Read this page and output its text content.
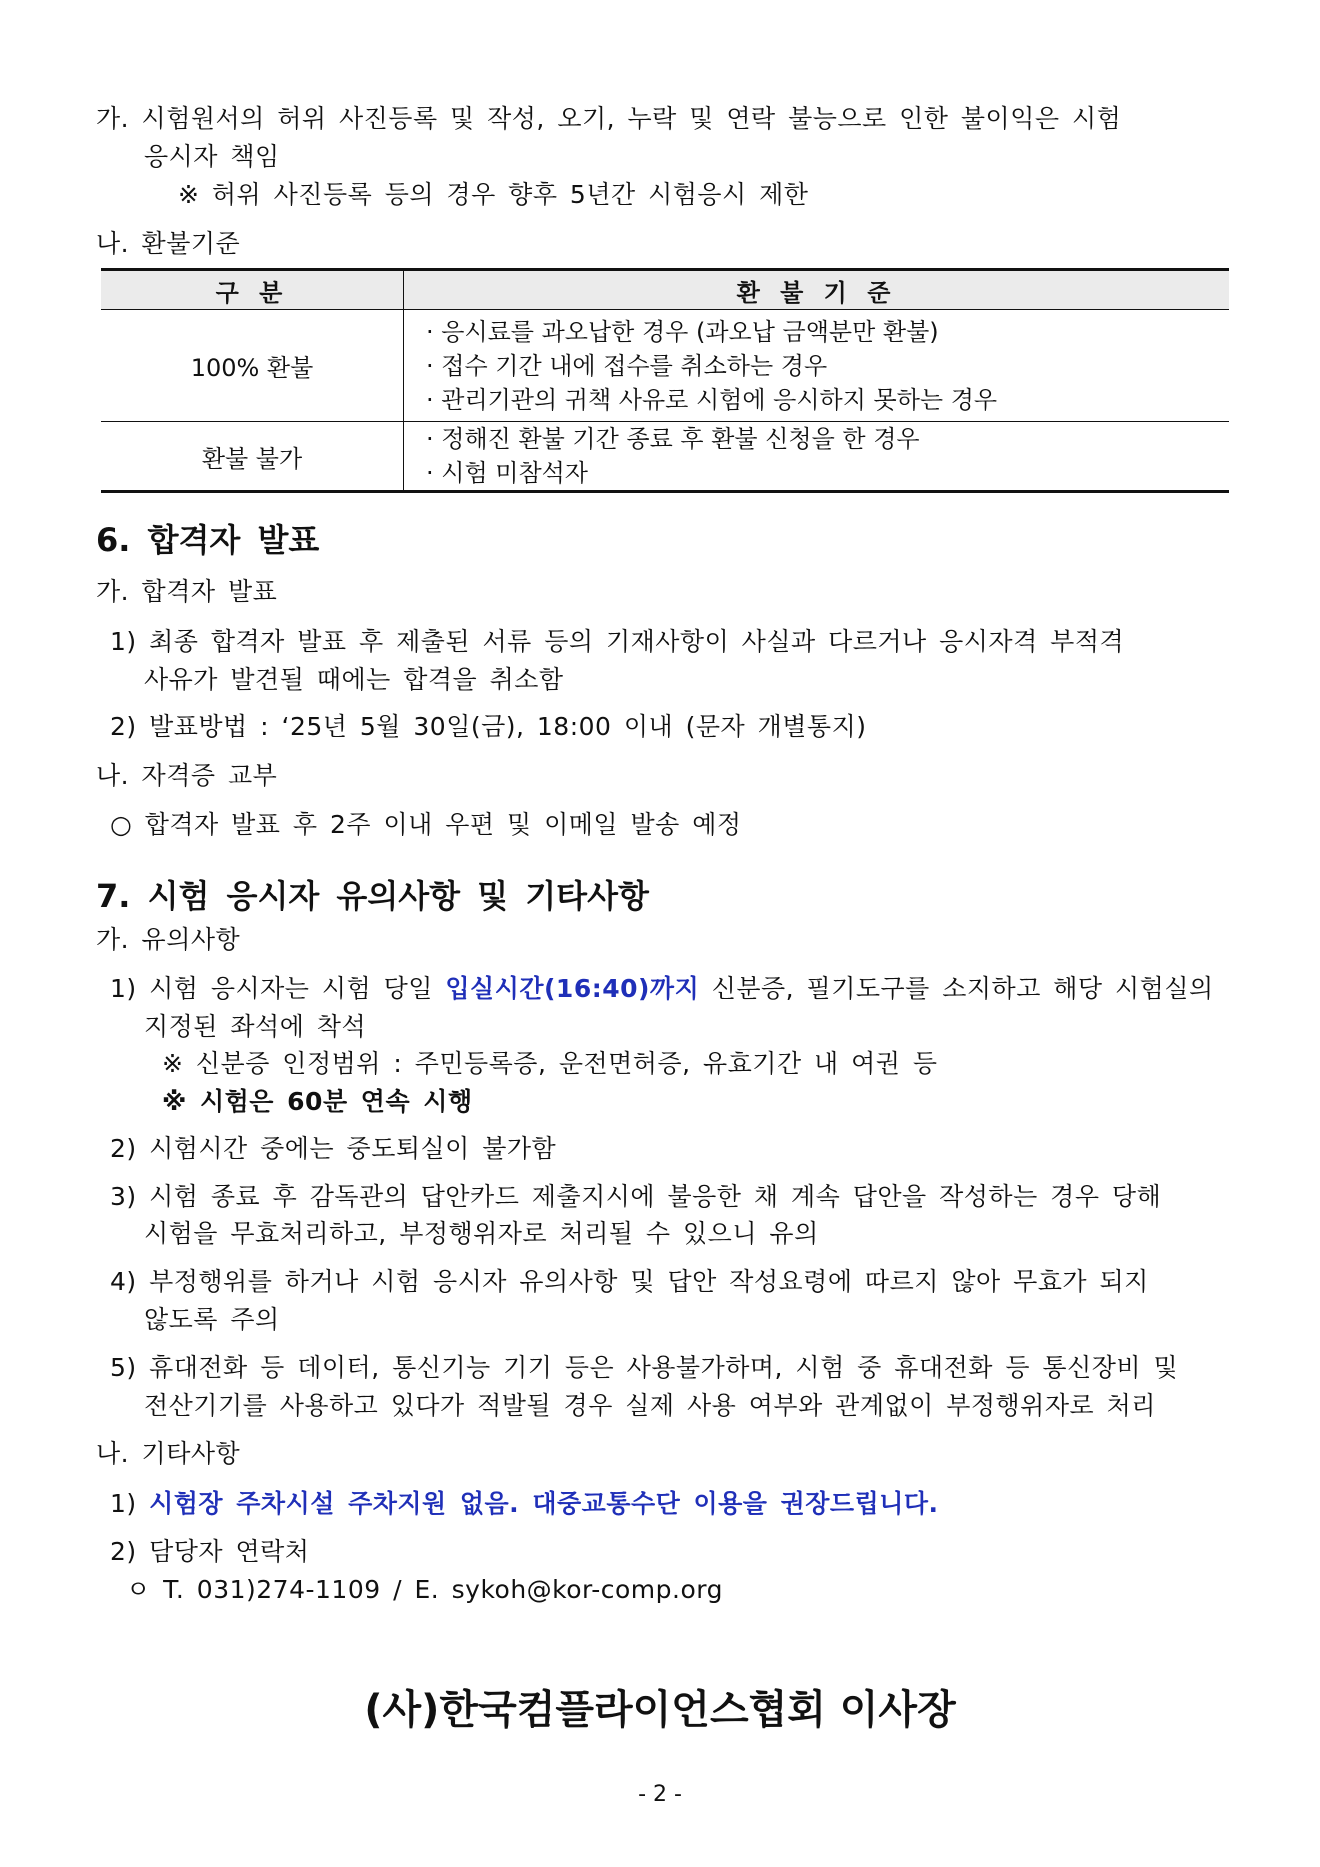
가. 시험원서의 허위 사진등록 및 작성, 오기, 누락 및 연락 불능으로 인한 불이익은 시험
응시자 책임
※ 허위 사진등록 등의 경우 향후 5년간 시험응시 제한
나. 환불기준
구 분	환 불 기 준
100% 환불	· 응시료를 과오납한 경우 (과오납 금액분만 환불)
· 접수 기간 내에 접수를 취소하는 경우
· 관리기관의 귀책 사유로 시험에 응시하지 못하는 경우

환불 불가	· 정해진 환불 기간 종료 후 환불 신청을 한 경우
· 시험 미참석자
6. 합격자 발표
가. 합격자 발표
1) 최종 합격자 발표 후 제출된 서류 등의 기재사항이 사실과 다르거나 응시자격 부적격
사유가 발견될 때에는 합격을 취소함
2) 발표방법 : ‘25년 5월 30일(금), 18:00 이내 (문자 개별통지)
나. 자격증 교부
○ 합격자 발표 후 2주 이내 우편 및 이메일 발송 예정
7. 시험 응시자 유의사항 및 기타사항
가. 유의사항
1) 시험 응시자는 시험 당일 입실시간(16:40)까지 신분증, 필기도구를 소지하고 해당 시험실의
지정된 좌석에 착석
※ 신분증 인정범위 : 주민등록증, 운전면허증, 유효기간 내 여권 등
※ 시험은 60분 연속 시행
2) 시험시간 중에는 중도퇴실이 불가함
3) 시험 종료 후 감독관의 답안카드 제출지시에 불응한 채 계속 답안을 작성하는 경우 당해
시험을 무효처리하고, 부정행위자로 처리될 수 있으니 유의
4) 부정행위를 하거나 시험 응시자 유의사항 및 답안 작성요령에 따르지 않아 무효가 되지
않도록 주의
5) 휴대전화 등 데이터, 통신기능 기기 등은 사용불가하며, 시험 중 휴대전화 등 통신장비 및
전산기기를 사용하고 있다가 적발될 경우 실제 사용 여부와 관계없이 부정행위자로 처리
나. 기타사항
1) 시험장 주차시설 주차지원 없음. 대중교통수단 이용을 권장드립니다.
2) 담당자 연락처
ㅇ T. 031)274-1109 / E. sykoh@kor-comp.org
(사)한국컴플라이언스협회 이사장
- 2 -
